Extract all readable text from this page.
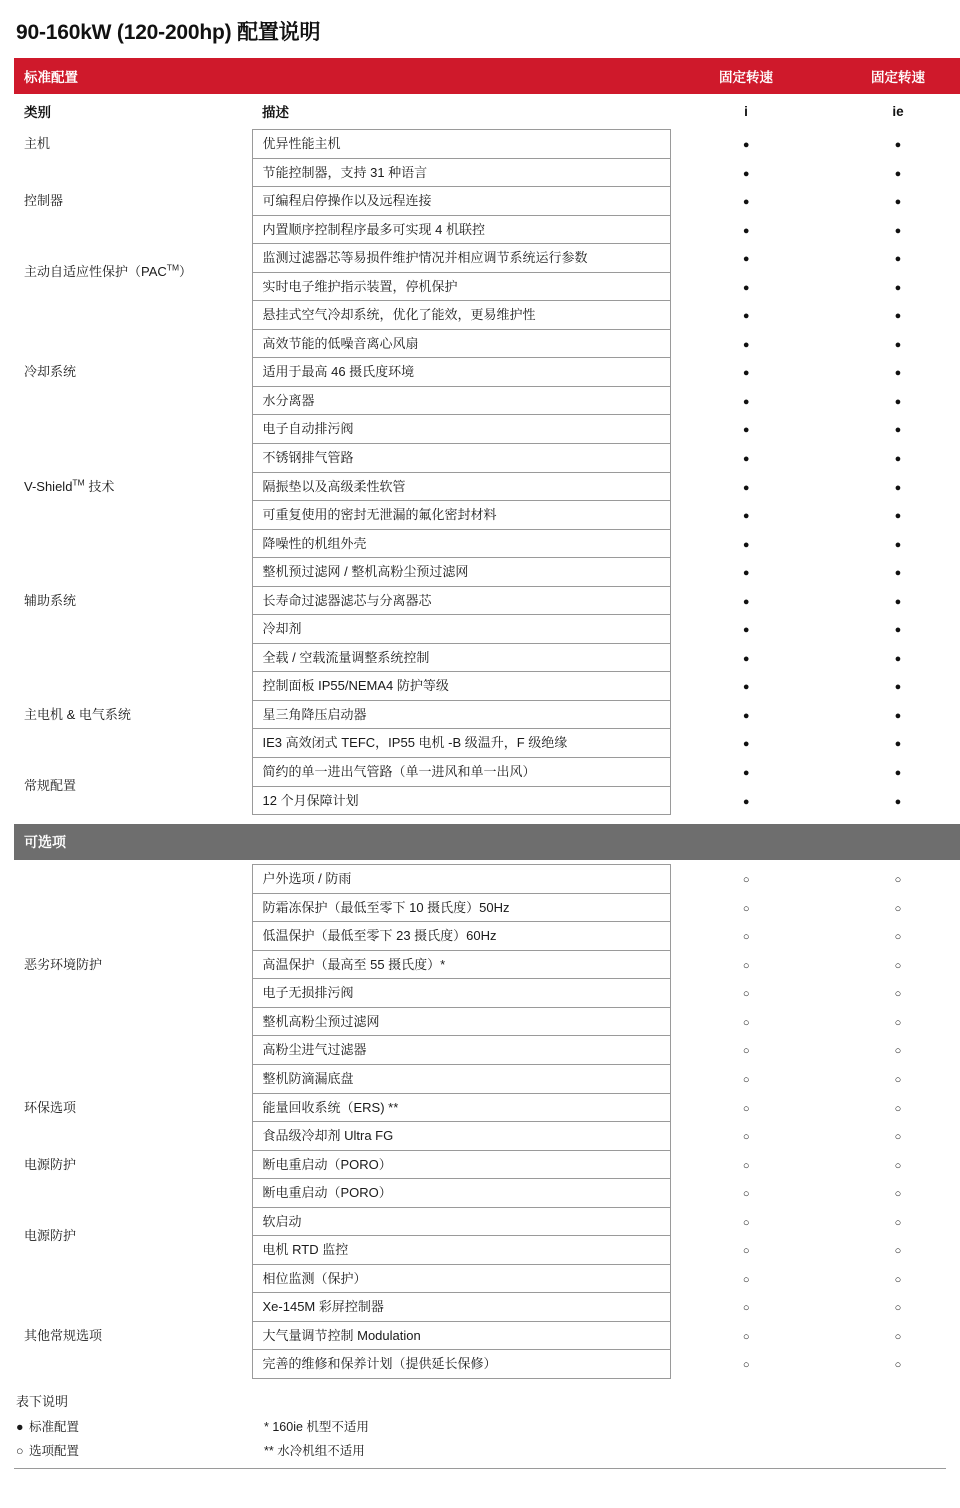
90-160kW (120-200hp) 配置说明
标准配置		固定转速	固定转速
类别	描述	i	ie
主机	优异性能主机	●	●
控制器	节能控制器，支持 31 种语言	●	●
	可编程启停操作以及远程连接	●	●
	内置顺序控制程序最多可实现 4 机联控	●	●
主动自适应性保护（PAC™）	监测过滤器芯等易损件维护情况并相应调节系统运行参数	●	●
	实时电子维护指示装置，停机保护	●	●
冷却系统	悬挂式空气冷却系统，优化了能效，更易维护性	●	●
	高效节能的低噪音离心风扇	●	●
	适用于最高 46 摄氏度环境	●	●
	水分离器	●	●
	电子自动排污阀	●	●
V-Shield™ 技术	不锈钢排气管路	●	●
	隔振垫以及高级柔性软管	●	●
	可重复使用的密封无泄漏的氟化密封材料	●	●
辅助系统	降噪性的机组外壳	●	●
	整机预过滤网 / 整机高粉尘预过滤网	●	●
	长寿命过滤器滤芯与分离器芯	●	●
	冷却剂	●	●
	全载 / 空载流量调整系统控制	●	●
主电机 & 电气系统	控制面板 IP55/NEMA4 防护等级	●	●
	星三角降压启动器	●	●
	IE3 高效闭式 TEFC，IP55 电机 -B 级温升，F 级绝缘	●	●
常规配置	简约的单一进出气管路（单一进风和单一出风）	●	●
	12 个月保障计划	●	●

可选项			

恶劣环境防护	户外选项 / 防雨	○	○
	防霜冻保护（最低至零下 10 摄氏度）50Hz	○	○
	低温保护（最低至零下 23 摄氏度）60Hz	○	○
	高温保护（最高至 55 摄氏度）*	○	○
	电子无损排污阀	○	○
	整机高粉尘预过滤网	○	○
	高粉尘进气过滤器	○	○
环保选项	整机防滴漏底盘	○	○
	能量回收系统（ERS) **	○	○
	食品级冷却剂 Ultra FG	○	○
电源防护	断电重启动（PORO）	○	○
电源防护	断电重启动（PORO）	○	○
	软启动	○	○
	电机 RTD 监控	○	○
	相位监测（保护）	○	○
其他常规选项	Xe-145M 彩屏控制器	○	○
	大气量调节控制 Modulation	○	○
	完善的维修和保养计划（提供延长保修）	○	○
表下说明
● 标准配置	* 160ie 机型不适用
○ 选项配置	** 水冷机组不适用
